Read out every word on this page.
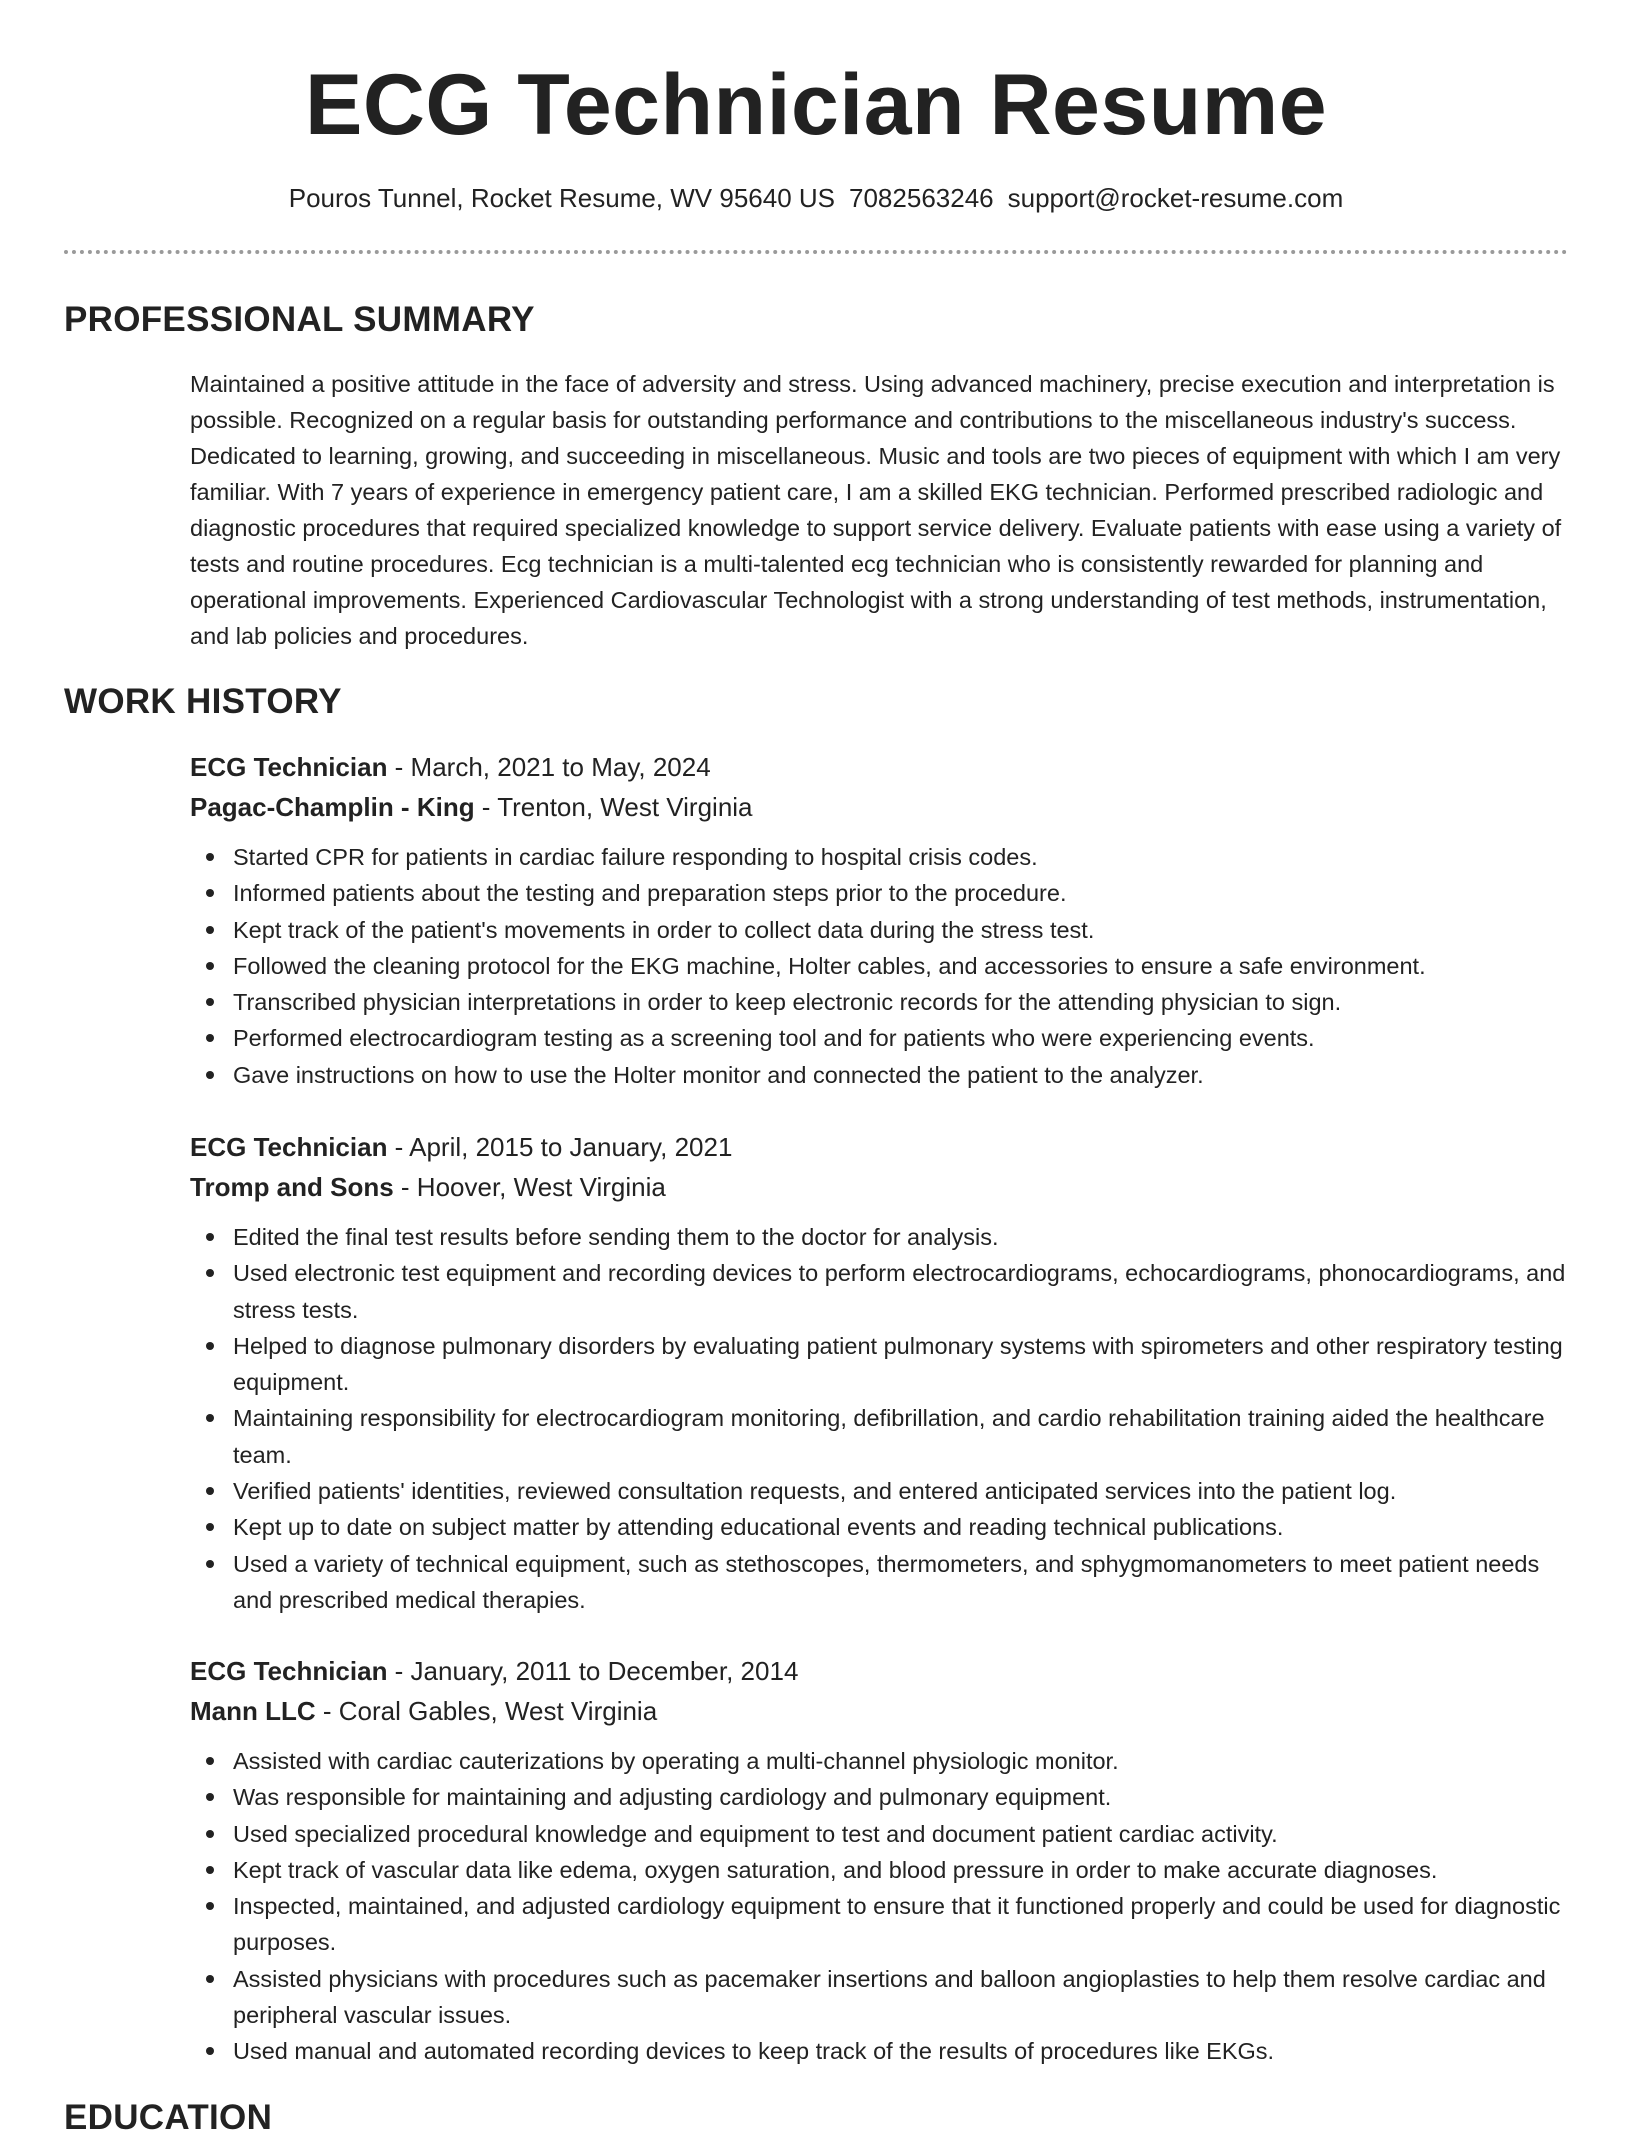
ECG Technician Resume
Pouros Tunnel, Rocket Resume, WV 95640 US 7082563246 support@rocket-resume.com
PROFESSIONAL SUMMARY

Maintained a positive attitude in the face of adversity and stress. Using advanced machinery, precise execution and interpretation is possible. Recognized on a regular basis for outstanding performance and contributions to the miscellaneous industry's success. Dedicated to learning, growing, and succeeding in miscellaneous. Music and tools are two pieces of equipment with which I am very familiar. With 7 years of experience in emergency patient care, I am a skilled EKG technician. Performed prescribed radiologic and diagnostic procedures that required specialized knowledge to support service delivery. Evaluate patients with ease using a variety of tests and routine procedures. Ecg technician is a multi-talented ecg technician who is consistently rewarded for planning and operational improvements. Experienced Cardiovascular Technologist with a strong understanding of test methods, instrumentation, and lab policies and procedures.

WORK HISTORY

ECG Technician - March, 2021 to May, 2024

Pagac-Champlin - King - Trenton, West Virginia

Started CPR for patients in cardiac failure responding to hospital crisis codes.
Informed patients about the testing and preparation steps prior to the procedure.
Kept track of the patient's movements in order to collect data during the stress test.
Followed the cleaning protocol for the EKG machine, Holter cables, and accessories to ensure a safe environment.
Transcribed physician interpretations in order to keep electronic records for the attending physician to sign.
Performed electrocardiogram testing as a screening tool and for patients who were experiencing events.
Gave instructions on how to use the Holter monitor and connected the patient to the analyzer.

ECG Technician - April, 2015 to January, 2021

Tromp and Sons - Hoover, West Virginia

Edited the final test results before sending them to the doctor for analysis.
Used electronic test equipment and recording devices to perform electrocardiograms, echocardiograms, phonocardiograms, and stress tests.
Helped to diagnose pulmonary disorders by evaluating patient pulmonary systems with spirometers and other respiratory testing equipment.
Maintaining responsibility for electrocardiogram monitoring, defibrillation, and cardio rehabilitation training aided the healthcare team.
Verified patients' identities, reviewed consultation requests, and entered anticipated services into the patient log.
Kept up to date on subject matter by attending educational events and reading technical publications.
Used a variety of technical equipment, such as stethoscopes, thermometers, and sphygmomanometers to meet patient needs and prescribed medical therapies.

ECG Technician - January, 2011 to December, 2014

Mann LLC - Coral Gables, West Virginia

Assisted with cardiac cauterizations by operating a multi-channel physiologic monitor.
Was responsible for maintaining and adjusting cardiology and pulmonary equipment.
Used specialized procedural knowledge and equipment to test and document patient cardiac activity.
Kept track of vascular data like edema, oxygen saturation, and blood pressure in order to make accurate diagnoses.
Inspected, maintained, and adjusted cardiology equipment to ensure that it functioned properly and could be used for diagnostic purposes.
Assisted physicians with procedures such as pacemaker insertions and balloon angioplasties to help them resolve cardiac and peripheral vascular issues.
Used manual and automated recording devices to keep track of the results of procedures like EKGs.
EDUCATION
